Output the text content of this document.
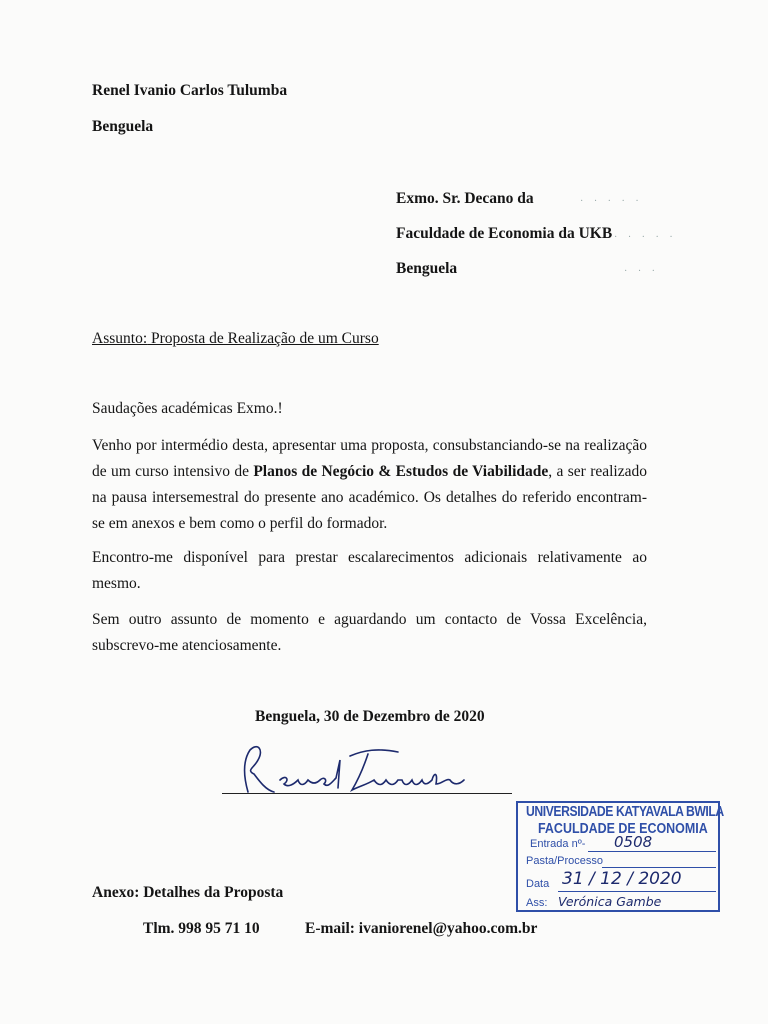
Renel Ivanio Carlos Tulumba
Benguela
Exmo. Sr. Decano da
Faculdade de Economia da UKB
Benguela
· · · · ·
· · · · ·
· · ·
Assunto: Proposta de Realização de um Curso
Saudações académicas Exmo.!

Venho por intermédio desta, apresentar uma proposta, consubstanciando-se na realização de um curso intensivo de Planos de Negócio & Estudos de Viabilidade, a ser realizado na pausa intersemestral do presente ano académico. Os detalhes do referido encontram-se em anexos e bem como o perfil do formador.

Encontro-me disponível para prestar escalarecimentos adicionais relativamente ao mesmo.

Sem outro assunto de momento e aguardando um contacto de Vossa Excelência, subscrevo-me atenciosamente.

Benguela, 30 de Dezembro de 2020
Anexo: Detalhes da Proposta
Tlm. 998 95 71 10	E-mail: ivaniorenel@yahoo.com.br
UNIVERSIDADE KATYAVALA BWILA
FACULDADE DE ECONOMIA
Entrada nº- 0508
Pasta/Processo
Data 31 / 12 / 2020
Ass: Verónica Gambe
